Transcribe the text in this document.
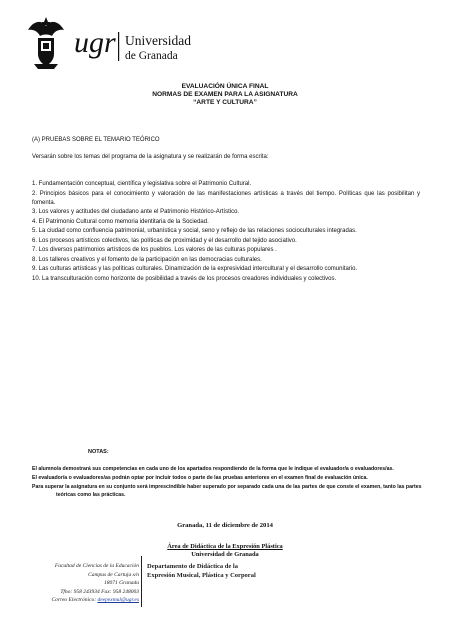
ugr Universidad
de Granada
EVALUACIÓN ÚNICA FINAL
NORMAS DE EXAMEN PARA LA ASIGNATURA
“ARTE Y CULTURA”
(A) PRUEBAS SOBRE EL TEMARIO TEÓRICO
Versarán sobre los temas del programa de la asignatura y se realizarán de forma escrita:
1. Fundamentación conceptual, científica y legislativa sobre el Patrimonio Cultural.
2. Principios básicos para el conocimiento y valoración de las manifestaciones artísticas a través del tiempo. Políticas que las posibilitan y fomenta.
3. Los valores y actitudes del ciudadano ante el Patrimonio Histórico-Artístico.
4. El Patrimonio Cultural como memoria identitaria de la Sociedad.
5. La ciudad como confluencia patrimonial, urbanística y social, seno y reflejo de las relaciones socioculturales integradas.
6. Los procesos artísticos colectivos, las políticas de proximidad y el desarrollo del tejido asociativo.
7. Los diversos patrimonios artísticos de los pueblos. Los valores de las culturas populares .
8. Los talleres creativos y el fomento de la participación en las democracias culturales.
9. Las culturas artísticas y las políticas culturales. Dinamización de la expresividad intercultural y el desarrollo comunitario.
10. La transculturación como horizonte de posibilidad a través de los procesos creadores individuales y colectivos.
NOTAS:
El alumno/a demostrará sus competencias en cada uno de los apartados respondiendo de la forma que le indique el evaluador/a o evaluadores/as.
El evaluador/a o evaluadores/as podrán optar por incluir todos o parte de las pruebas anteriores en el examen final de evaluación única.
Para superar la asignatura en su conjunto será imprescindible haber superado por separado cada una de las partes de que conste el examen, tanto las partes teóricas como las prácticas.
Granada, 11 de diciembre de 2014
Área de Didáctica de la Expresión Plástica
Universidad de Granada
Facultad de Ciencias de la Educación
Campus de Cartuja s/n
18071 Granada
Tfno: 958 243934 Fax: 958 248003
Correo Electrónico: deepexmul@ugr.es
Departamento de Didáctica de la
Expresión Musical, Plástica y Corporal
